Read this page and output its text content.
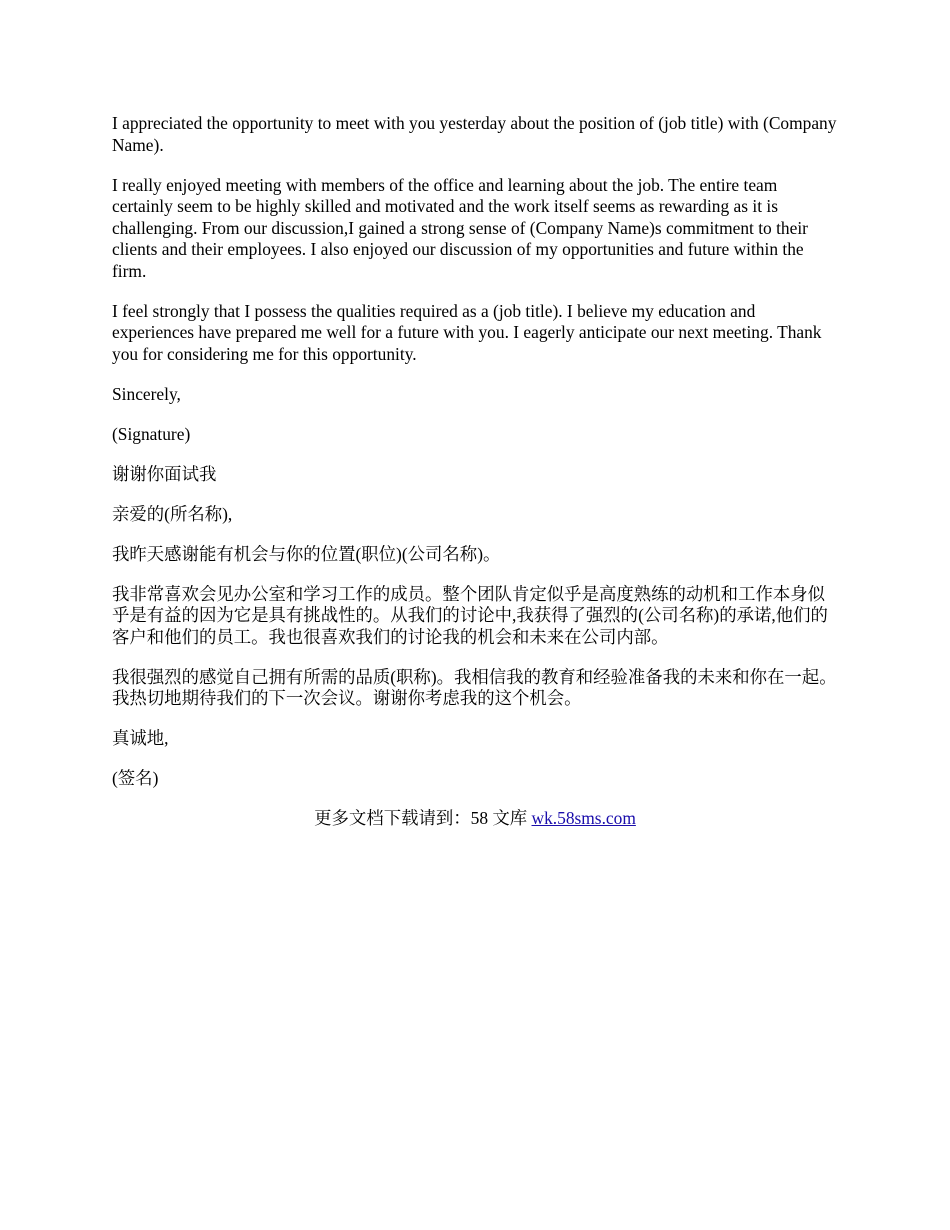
I appreciated the opportunity to meet with you yesterday about the position of (job title) with (Company Name).

I really enjoyed meeting with members of the office and learning about the job. The entire team certainly seem to be highly skilled and motivated and the work itself seems as rewarding as it is challenging. From our discussion,I gained a strong sense of (Company Name)s commitment to their clients and their employees. I also enjoyed our discussion of my opportunities and future within the firm.

I feel strongly that I possess the qualities required as a (job title). I believe my education and experiences have prepared me well for a future with you. I eagerly anticipate our next meeting. Thank you for considering me for this opportunity.

Sincerely,

(Signature)

谢谢你面试我

亲爱的(所名称),

我昨天感谢能有机会与你的位置(职位)(公司名称)。

我非常喜欢会见办公室和学习工作的成员。整个团队肯定似乎是高度熟练的动机和工作本身似乎是有益的因为它是具有挑战性的。从我们的讨论中,我获得了强烈的(公司名称)的承诺,他们的客户和他们的员工。我也很喜欢我们的讨论我的机会和未来在公司内部。

我很强烈的感觉自己拥有所需的品质(职称)。我相信我的教育和经验准备我的未来和你在一起。我热切地期待我们的下一次会议。谢谢你考虑我的这个机会。

真诚地,

(签名)

更多文档下载请到：58 文库 wk.58sms.com
